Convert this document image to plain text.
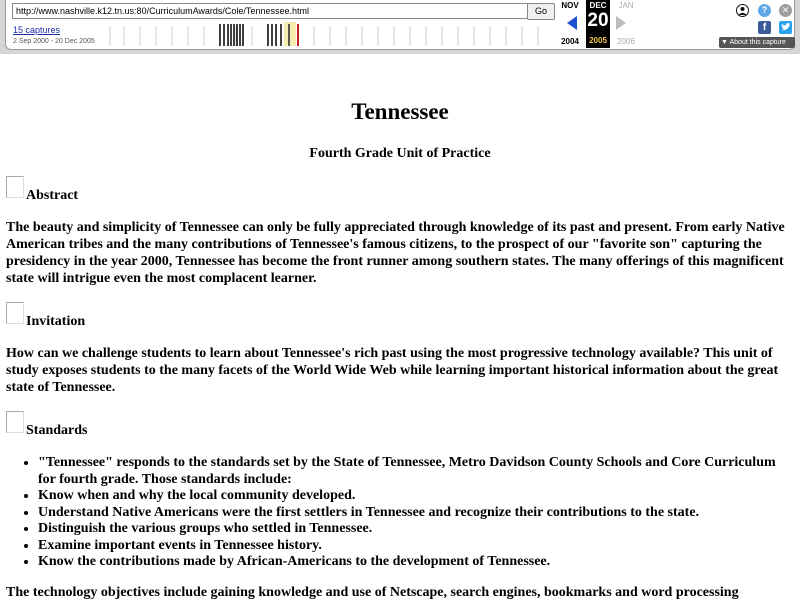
http://www.nashville.k12.tn.us:80/CurriculumAwards/Cole/Tennessee.html
Go
15 captures
2 Sep 2000 - 20 Dec 2005
NOV
2004
DEC
20
2005
JAN
2006
?	✕
f
▼ About this capture
Tennessee
Fourth Grade Unit of Practice
Abstract

The beauty and simplicity of Tennessee can only be fully appreciated through knowledge of its past and present. From early Native American tribes and the many contributions of Tennessee's famous citizens, to the prospect of our "favorite son" capturing the presidency in the year 2000, Tennessee has become the front runner among southern states. The many offerings of this magnificent state will intrigue even the most complacent learner.

Invitation

How can we challenge students to learn about Tennessee's rich past using the most progressive technology available? This unit of study exposes students to the many facets of the World Wide Web while learning important historical information about the great state of Tennessee.

Standards
• "Tennessee" responds to the standards set by the State of Tennessee, Metro Davidson County Schools and Core Curriculum for fourth grade. Those standards include:
• Know when and why the local community developed.
• Understand Native Americans were the first settlers in Tennessee and recognize their contributions to the state.
• Distinguish the various groups who settled in Tennessee.
• Examine important events in Tennessee history.
• Know the contributions made by African-Americans to the development of Tennessee.

The technology objectives include gaining knowledge and use of Netscape, search engines, bookmarks and word processing
